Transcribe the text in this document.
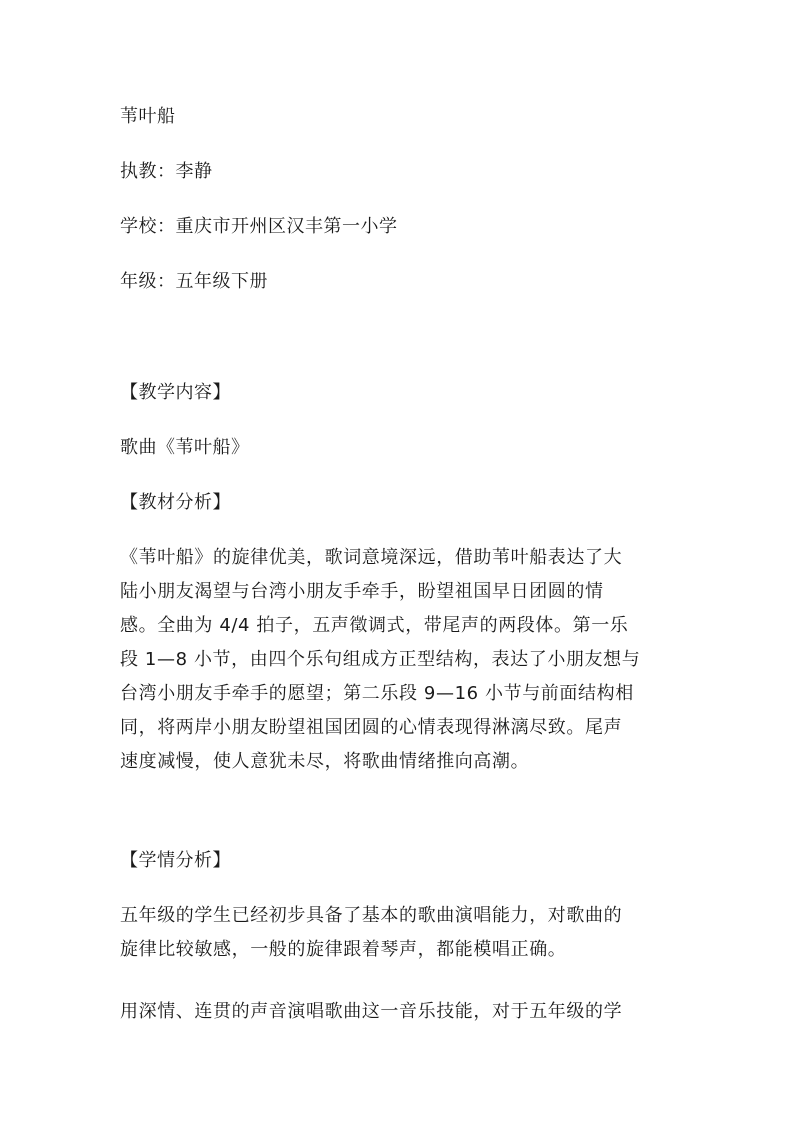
苇叶船
执教：李静
学校：重庆市开州区汉丰第一小学
年级：五年级下册
【教学内容】
歌曲《苇叶船》
【教材分析】
《苇叶船》的旋律优美，歌词意境深远，借助苇叶船表达了大
陆小朋友渴望与台湾小朋友手牵手，盼望祖国早日团圆的情
感。全曲为 4/4 拍子，五声徵调式，带尾声的两段体。第一乐
段 1—8 小节，由四个乐句组成方正型结构，表达了小朋友想与
台湾小朋友手牵手的愿望；第二乐段 9—16 小节与前面结构相
同，将两岸小朋友盼望祖国团圆的心情表现得淋漓尽致。尾声
速度减慢，使人意犹未尽，将歌曲情绪推向高潮。
【学情分析】
五年级的学生已经初步具备了基本的歌曲演唱能力，对歌曲的
旋律比较敏感，一般的旋律跟着琴声，都能模唱正确。
用深情、连贯的声音演唱歌曲这一音乐技能，对于五年级的学
